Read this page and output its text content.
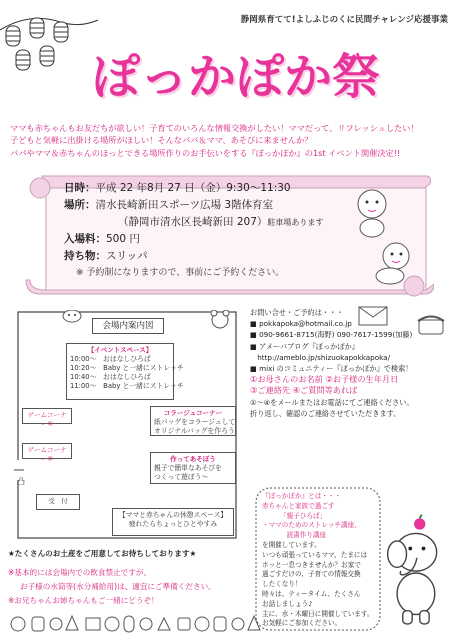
静岡県育てて!よしふじのくに民間チャレンジ応援事業
ぽっかぽか祭
ママも赤ちゃんもお友だちが欲しい！子育てのいろんな情報交換がしたい！ママだって、リフレッシュしたい！
子どもと気軽に出掛ける場所がほしい！そんなパパ＆ママ、あそびに来ませんか？
パパやママ＆赤ちゃんのほっとできる場所作りのお手伝いをする『ぽっかぽか』の1st イベント開催決定!!
日時：平成 22 年8月 27 日（金）9:30～11:30
場所：清水長崎新田スポーツ広場 3階体育室
（静岡市清水区長崎新田 207）駐車場あります
入場料：500 円
持ち物：スリッパ
※ 予約制になりますので、事前にご予約ください。
会場内案内図
【イベントスペース】
10:00～　おはなしひろば
10:20～　Baby と一緒にストレッチ
10:40～　おはなしひろば
11:00～　Baby と一緒にストレッチ
ゲームコーナー①
ゲームコーナー②
コラージュコーナー
紙バッグをコラージュして
オリジナルバッグを作ろう
作ってあそぼう
親子で簡単なあそびを
つくって遊ぼう～
受　付
【ママと赤ちゃんの休憩スペース】
疲れたらちょっとひとやすみ
凸
お問い合せ・ご予約は・・・
■ pokkapoka@hotmail.co.jp
■ 090-9661-8715(海野) 090-7617-1599(加藤)
■ アメーバブログ『ぽっかぽか』
　http://ameblo.jp/shizuokapokkapoka/
■ mixi のコミュニティー『ぽっかぽか』で検索！
①お母さんのお名前 ②お子様の生年月日
③ご連絡先 ④ご質問等あれば
①～④をメールまたはお電話にてご連絡ください。
折り返し、確認のご連絡させていただきます。
『ぽっかぽか』とは・・・
赤ちゃんと家族で過ごす
「親子ひろば」
・ママのためのストレッチ講座、
　読書作り講座
を開催しています。
いつも頑張っているママ、たまには
ホッと一息つきませんか？お家で
過ごすだけの、子育ての情報交換
したくなり！
時々は、ティータイム、たくさん
お話しましょう♪
主に、水・木曜日に開催しています。
お気軽にご参加ください。
★たくさんのお土産をご用意してお待ちしております★
※基本的には会場内での飲食禁止ですが、
お子様の水筒等(水分補給用)は、適宜にご準備ください。
※お兄ちゃんお姉ちゃんもご一緒にどうぞ！
